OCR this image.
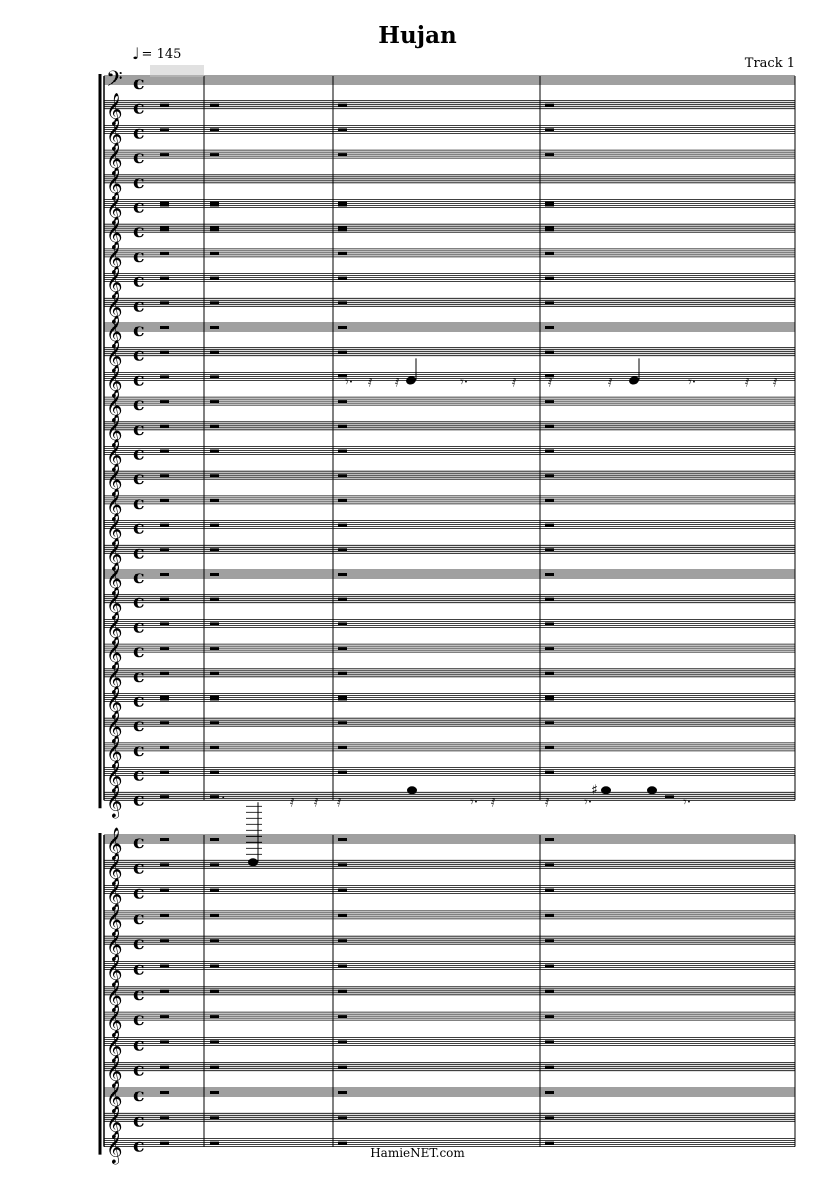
Hujan
Track 1
♩ = 145
𝄢 c
𝄞 c
𝄞 c
𝄞 c
𝄞 c
𝄞 c
𝄞 c
𝄞 c
𝄞 c
𝄞 c
𝄞 c
𝄞 c
𝄞 c
𝄞 c
𝄞 c
𝄞 c
𝄞 c
𝄞 c
𝄞 c
𝄞 c
𝄞 c
𝄞 c
𝄞 c
𝄞 c
𝄞 c
𝄞 c
𝄞 c
𝄞 c
𝄞 c
𝄞 c
𝄾· 𝅀 𝅀	𝄾·	𝅀	𝅀	𝅀	𝄾·	𝅀 𝅀
.	𝅀 𝅀 𝅀	𝄾· 𝅀	𝅀 𝄾·	𝄾·
♯
𝄞 c
𝄞 c
𝄞 c
𝄞 c
𝄞 c
𝄞 c
𝄞 c
𝄞 c
𝄞 c
𝄞 c
𝄞 c
𝄞 c
𝄞 c	HamieNET.com
